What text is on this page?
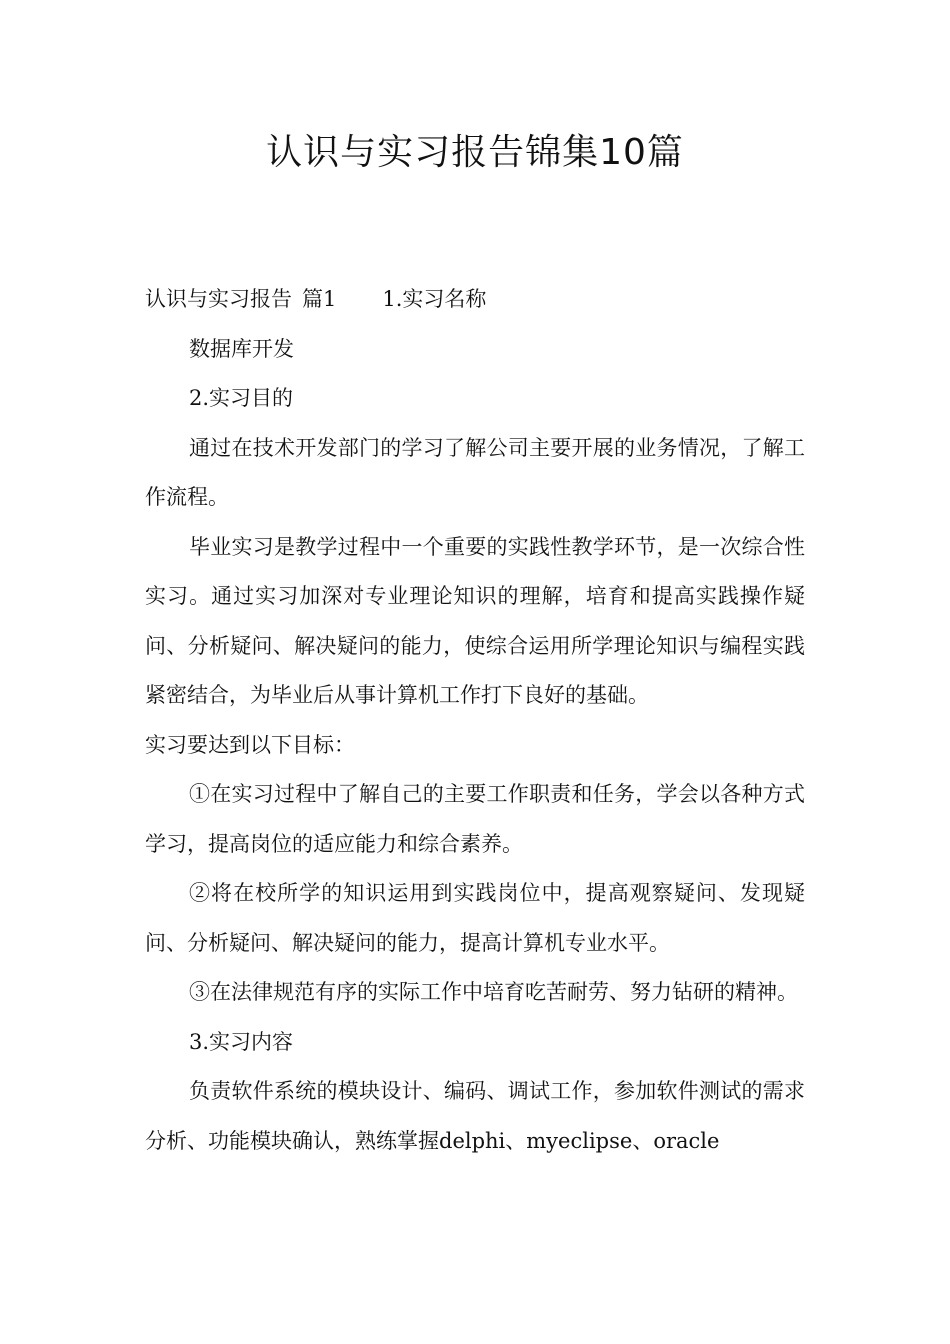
认识与实习报告锦集10篇

认识与实习报告 篇1 1.实习名称

数据库开发

2.实习目的

通过在技术开发部门的学习了解公司主要开展的业务情况，了解工作流程。

毕业实习是教学过程中一个重要的实践性教学环节，是一次综合性实习。通过实习加深对专业理论知识的理解，培育和提高实践操作疑问、分析疑问、解决疑问的能力，使综合运用所学理论知识与编程实践紧密结合，为毕业后从事计算机工作打下良好的基础。

实习要达到以下目标：

①在实习过程中了解自己的主要工作职责和任务，学会以各种方式学习，提高岗位的适应能力和综合素养。

②将在校所学的知识运用到实践岗位中，提高观察疑问、发现疑问、分析疑问、解决疑问的能力，提高计算机专业水平。

③在法律规范有序的实际工作中培育吃苦耐劳、努力钻研的精神。

3.实习内容

负责软件系统的模块设计、编码、调试工作，参加软件测试的需求分析、功能模块确认，熟练掌握delphi、myeclipse、oracle
